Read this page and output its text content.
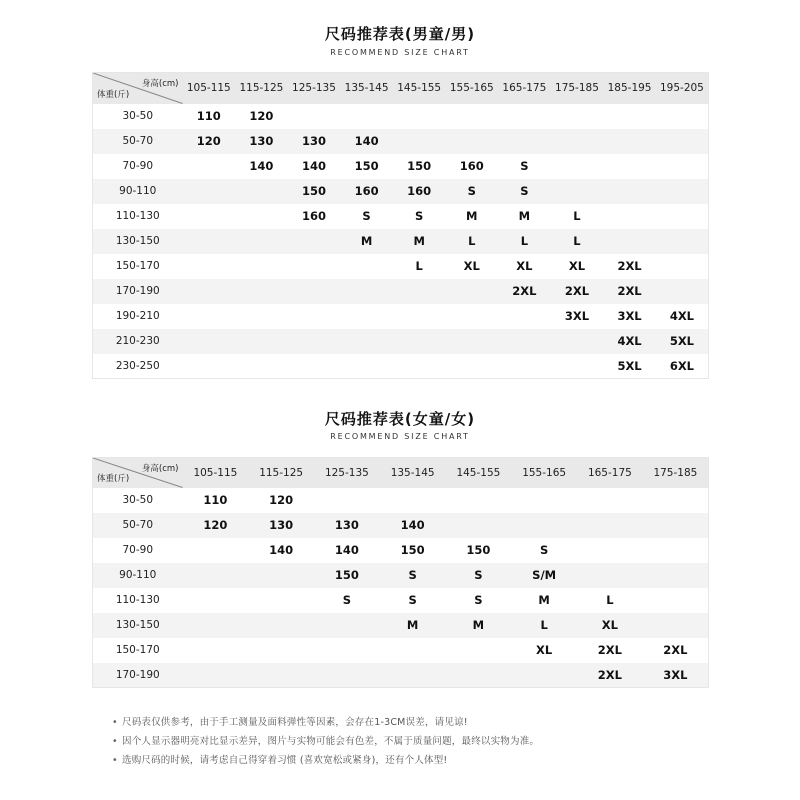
尺码推荐表(男童/男)
RECOMMEND SIZE CHART
身高(cm)
体重(斤)	105-115	115-125	125-135	135-145	145-155	155-165	165-175	175-185	185-195	195-205
30-50	110	120								
50-70	120	130	130	140						
70-90		140	140	150	150	160	S			
90-110			150	160	160	S	S			
110-130			160	S	S	M	M	L		
130-150				M	M	L	L	L		
150-170					L	XL	XL	XL	2XL	
170-190							2XL	2XL	2XL	
190-210								3XL	3XL	4XL
210-230									4XL	5XL
230-250									5XL	6XL
尺码推荐表(女童/女)
RECOMMEND SIZE CHART
身高(cm)
体重(斤)	105-115	115-125	125-135	135-145	145-155	155-165	165-175	175-185
30-50	110	120						
50-70	120	130	130	140				
70-90		140	140	150	150	S		
90-110			150	S	S	S/M		
110-130			S	S	S	M	L	
130-150				M	M	L	XL	
150-170						XL	2XL	2XL
170-190							2XL	3XL
• 尺码表仅供参考，由于手工测量及面料弹性等因素，会存在1-3CM误差，请见谅!
• 因个人显示器明亮对比显示差异，图片与实物可能会有色差，不属于质量问题，最终以实物为准。
• 选购尺码的时候，请考虑自己得穿着习惯 (喜欢宽松或紧身)，还有个人体型!
